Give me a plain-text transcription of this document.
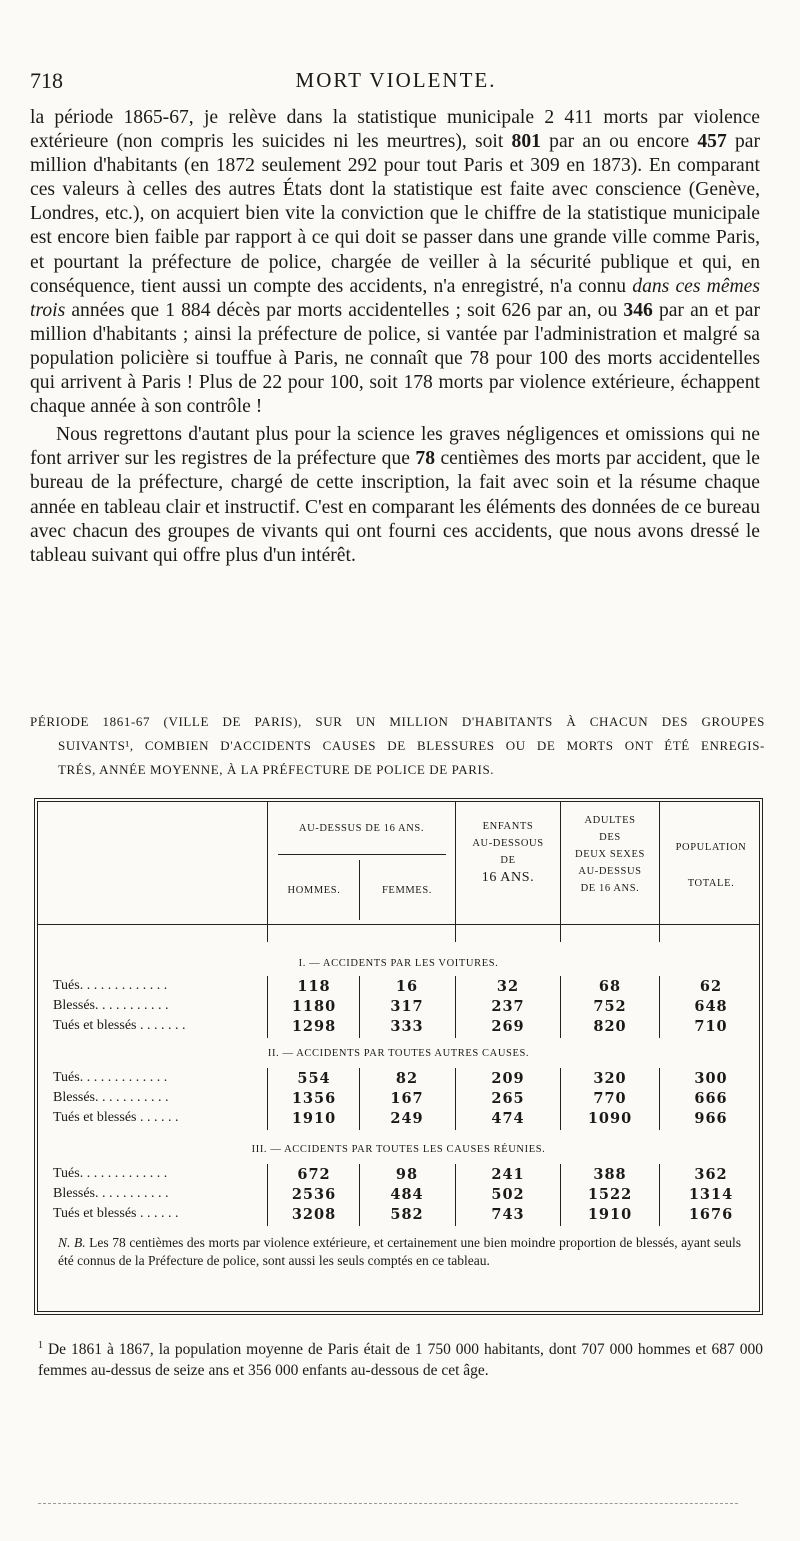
718	MORT VIOLENTE.

la période 1865-67, je relève dans la statistique municipale 2 411 morts par violence extérieure (non compris les suicides ni les meurtres), soit 801 par an ou encore 457 par million d'habitants (en 1872 seulement 292 pour tout Paris et 309 en 1873). En comparant ces valeurs à celles des autres États dont la statistique est faite avec conscience (Genève, Londres, etc.), on acquiert bien vite la conviction que le chiffre de la statistique municipale est encore bien faible par rapport à ce qui doit se passer dans une grande ville comme Paris, et pourtant la préfecture de police, chargée de veiller à la sécurité publique et qui, en conséquence, tient aussi un compte des accidents, n'a enregistré, n'a connu dans ces mêmes trois années que 1 884 décès par morts accidentelles ; soit 626 par an, ou 346 par an et par million d'habitants ; ainsi la préfecture de police, si vantée par l'administration et malgré sa population policière si touffue à Paris, ne connaît que 78 pour 100 des morts accidentelles qui arrivent à Paris ! Plus de 22 pour 100, soit 178 morts par violence extérieure, échappent chaque année à son contrôle !

Nous regrettons d'autant plus pour la science les graves négligences et omissions qui ne font arriver sur les registres de la préfecture que 78 centièmes des morts par accident, que le bureau de la préfecture, chargé de cette inscription, la fait avec soin et la résume chaque année en tableau clair et instructif. C'est en comparant les éléments des données de ce bureau avec chacun des groupes de vivants qui ont fourni ces accidents, que nous avons dressé le tableau suivant qui offre plus d'un intérêt.

PÉRIODE 1861-67 (VILLE DE PARIS), SUR UN MILLION D'HABITANTS À CHACUN DES GROUPES
SUIVANTS¹, COMBIEN D'ACCIDENTS CAUSES DE BLESSURES OU DE MORTS ONT ÉTÉ ENREGIS-
TRÉS, ANNÉE MOYENNE, À LA PRÉFECTURE DE POLICE DE PARIS.
AU-DESSUS DE 16 ANS.
HOMMES.	FEMMES.
ENFANTS
AU-DESSOUS
DE
16 ANS.
ADULTES
DES
DEUX SEXES
AU-DESSUS
DE 16 ANS.
POPULATION
TOTALE.
I. — ACCIDENTS PAR LES VOITURES.
Tués. . . . . . . . . . . . .	118	16	32	68	62
Blessés. . . . . . . . . . .	1180	317	237	752	648
Tués et blessés . . . . . . .	1298	333	269	820	710
II. — ACCIDENTS PAR TOUTES AUTRES CAUSES.
Tués. . . . . . . . . . . . .	554	82	209	320	300
Blessés. . . . . . . . . . .	1356	167	265	770	666
Tués et blessés . . . . . .	1910	249	474	1090	966
III. — ACCIDENTS PAR TOUTES LES CAUSES RÉUNIES.
Tués. . . . . . . . . . . . .	672	98	241	388	362
Blessés. . . . . . . . . . .	2536	484	502	1522	1314
Tués et blessés . . . . . .	3208	582	743	1910	1676
N. B. Les 78 centièmes des morts par violence extérieure, et certainement une bien moindre proportion de blessés, ayant seuls été connus de la Préfecture de police, sont aussi les seuls comptés en ce tableau.
$^1$ De 1861 à 1867, la population moyenne de Paris était de 1 750 000 habitants, dont 707 000 hommes et 687 000 femmes au-dessus de seize ans et 356 000 enfants au-dessous de cet âge.
